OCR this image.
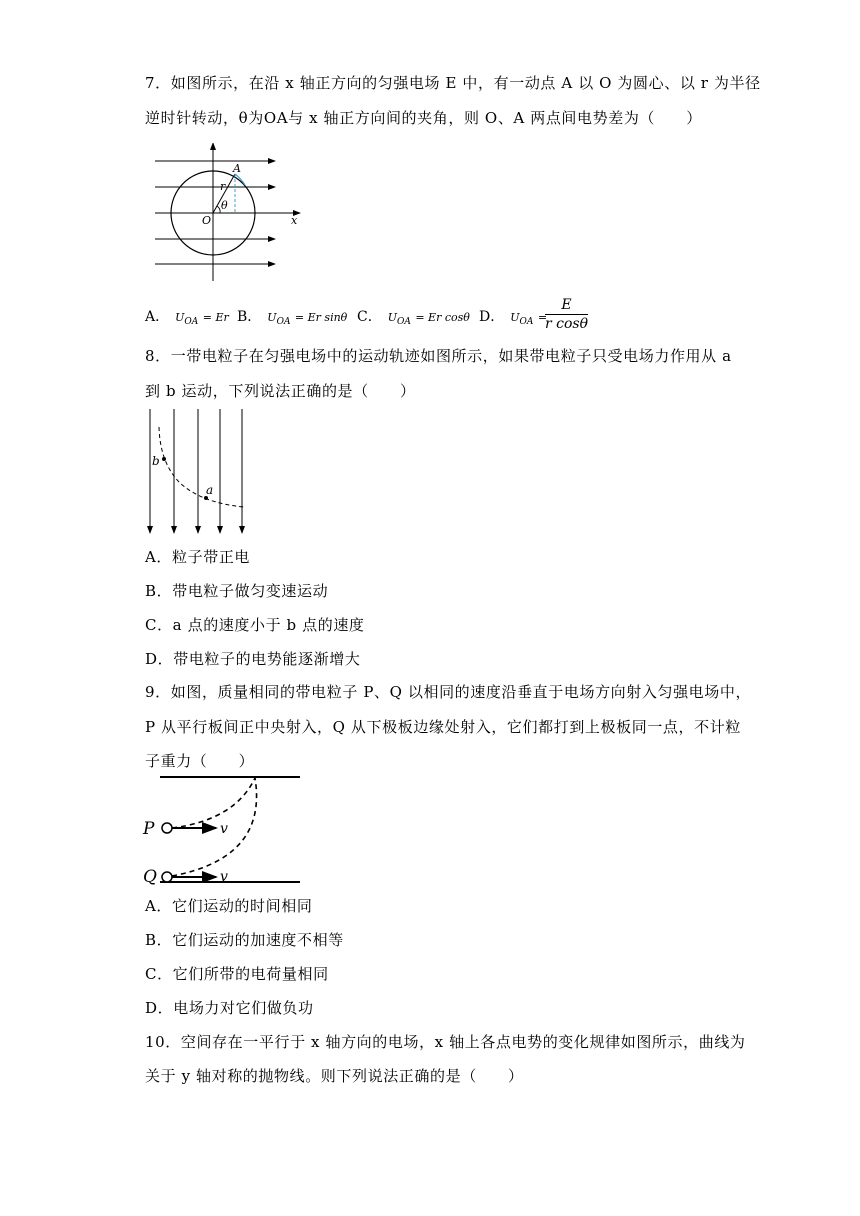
7．如图所示，在沿 x 轴正方向的匀强电场 E 中，有一动点 A 以 O 为圆心、以 r 为半径
逆时针转动，θ为OA与 x 轴正方向间的夹角，则 O、A 两点间电势差为（　　）
A
r
θ
O	x
A． $U_{OA} = Er$ B． $U_{OA} = Er$ sinθ C． $U_{OA} = Er$ cosθ D． $U_{OA}$ =
$\frac{E}{\text{r cosθ}}$
8．一带电粒子在匀强电场中的运动轨迹如图所示，如果带电粒子只受电场力作用从 a
到 b 运动，下列说法正确的是（　　）
b
a
A．粒子带正电
B．带电粒子做匀变速运动
C．a 点的速度小于 b 点的速度
D．带电粒子的电势能逐渐增大
9．如图，质量相同的带电粒子 P、Q 以相同的速度沿垂直于电场方向射入匀强电场中，
P 从平行板间正中央射入，Q 从下极板边缘处射入，它们都打到上极板同一点，不计粒
子重力（　　）
P
Q
v
v
A．它们运动的时间相同
B．它们运动的加速度不相等
C．它们所带的电荷量相同
D．电场力对它们做负功
10．空间存在一平行于 x 轴方向的电场，x 轴上各点电势的变化规律如图所示，曲线为
关于 y 轴对称的抛物线。则下列说法正确的是（　　）
